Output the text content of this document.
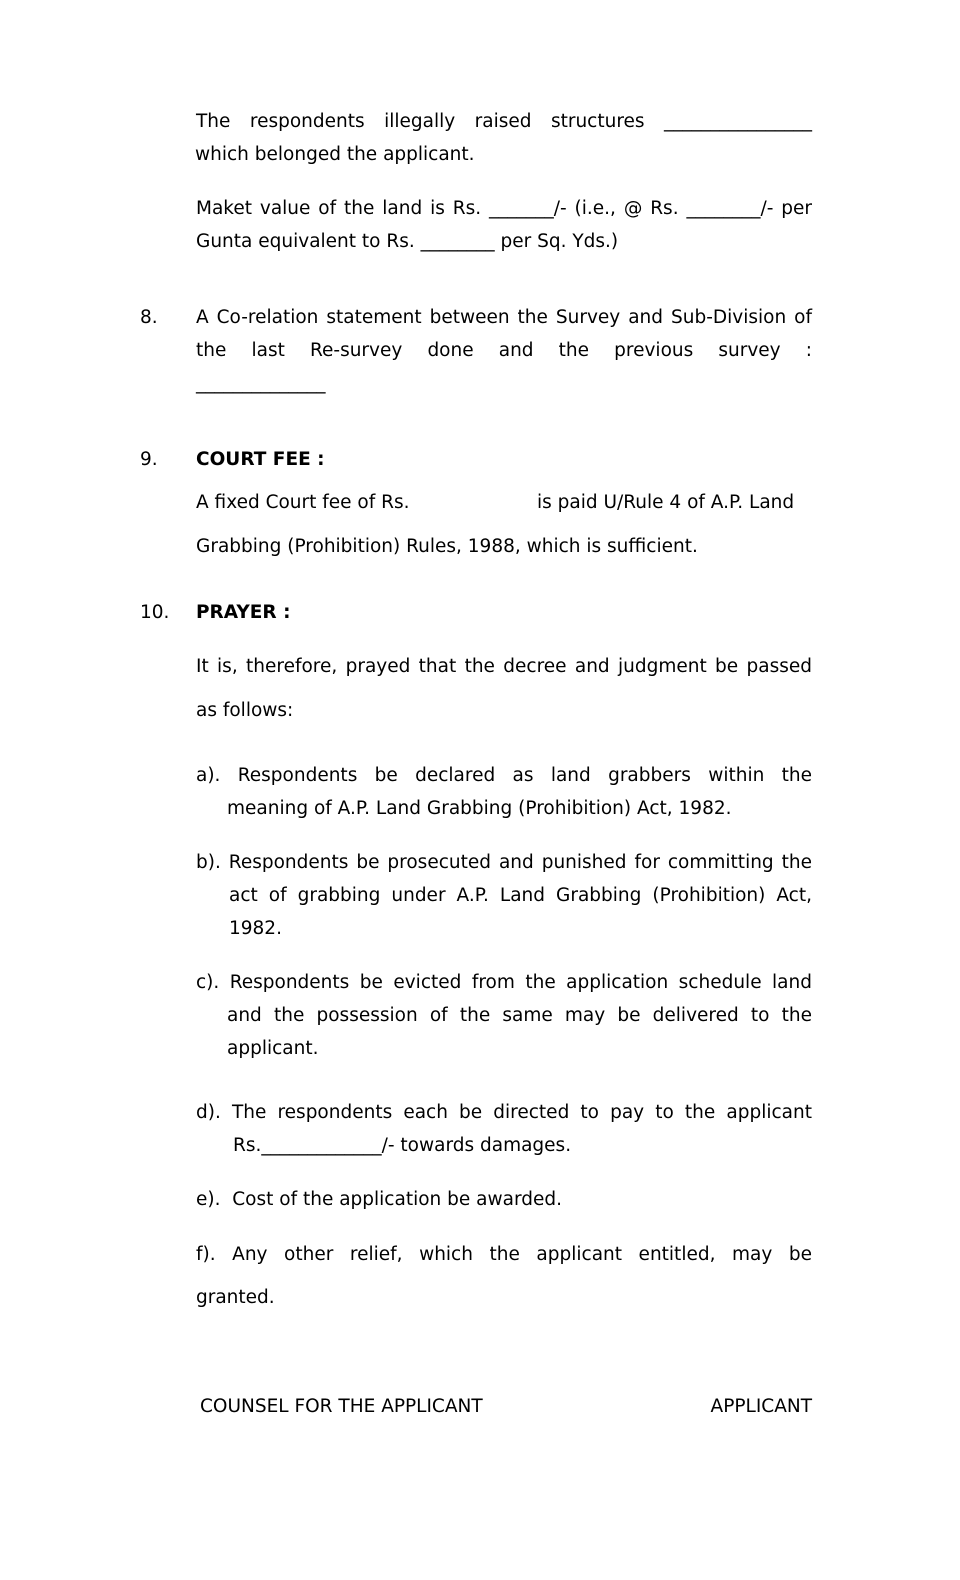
The respondents illegally raised structures ________________

which belonged the applicant.

Maket value of the land is Rs. _______/- (i.e., @ Rs. ________/- per

Gunta equivalent to Rs. ________ per Sq. Yds.)

8. A Co-relation statement between the Survey and Sub-Division of

the last Re-survey done and the previous survey :

______________

9. COURT FEE :

A fixed Court fee of Rs.	is paid U/Rule 4 of A.P. Land

Grabbing (Prohibition) Rules, 1988, which is sufficient.

10. PRAYER :

It is, therefore, prayed that the decree and judgment be passed

as follows:

a). Respondents be declared as land grabbers within the

meaning of A.P. Land Grabbing (Prohibition) Act, 1982.

b). Respondents be prosecuted and punished for committing the

act of grabbing under A.P. Land Grabbing (Prohibition) Act,

1982.

c). Respondents be evicted from the application schedule land

and the possession of the same may be delivered to the

applicant.

d). The respondents each be directed to pay to the applicant

Rs._____________/- towards damages.

e).  Cost of the application be awarded.

f). Any other relief, which the applicant entitled, may be

granted.

COUNSEL FOR THE APPLICANT	APPLICANT
